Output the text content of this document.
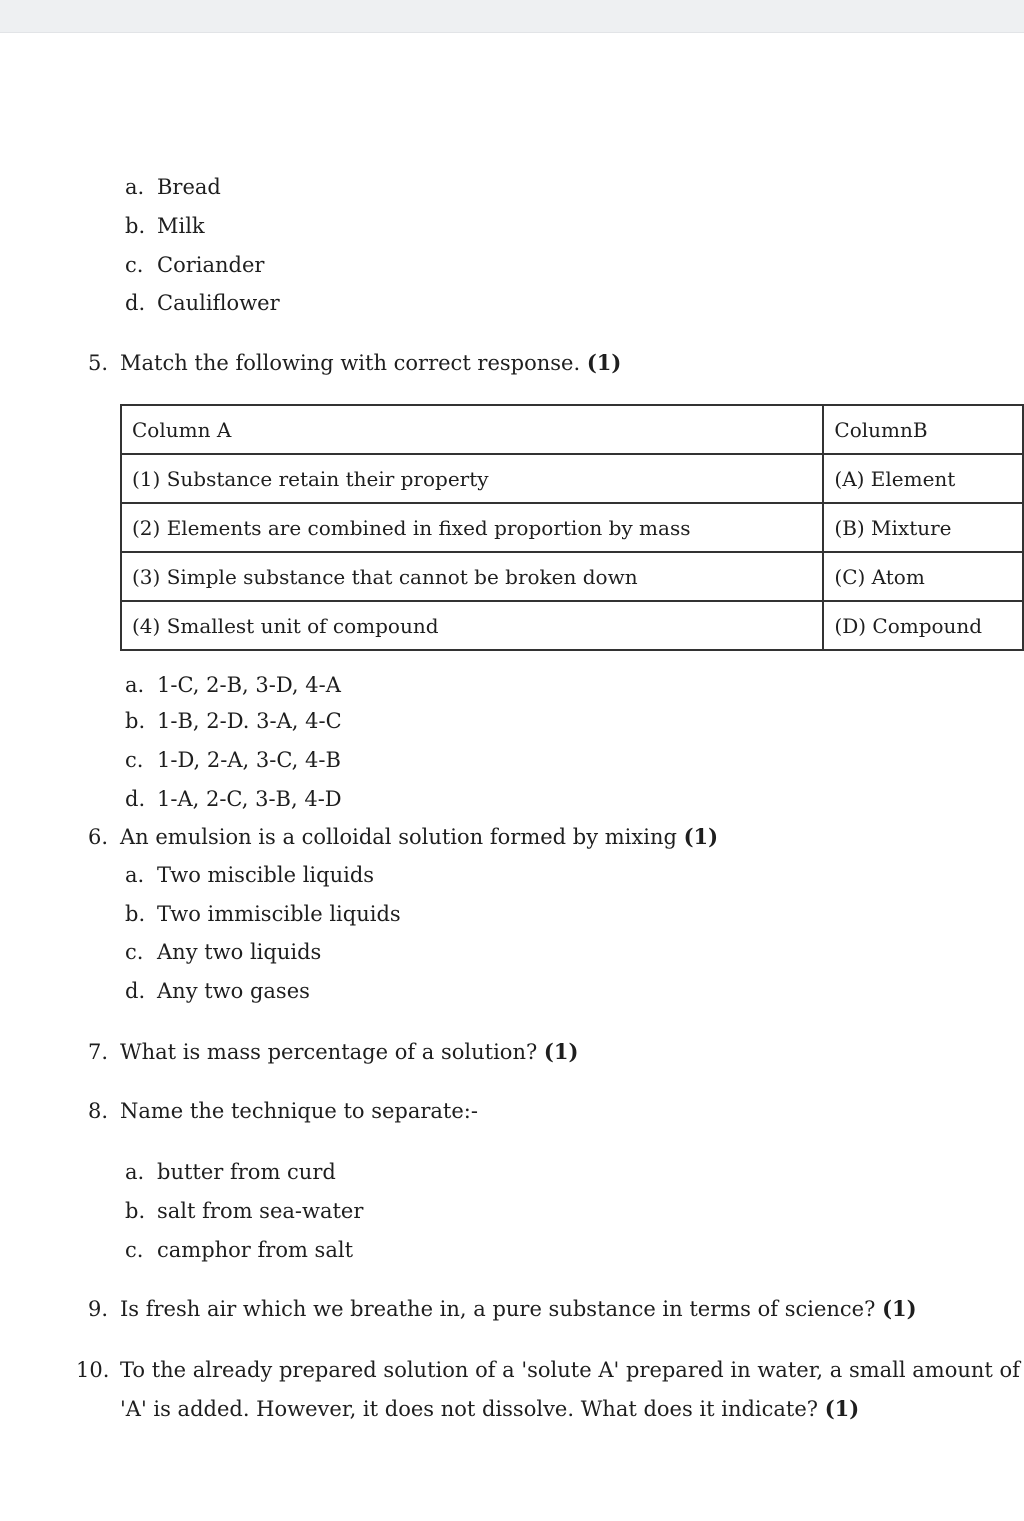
a. Bread
b. Milk
c. Coriander
d. Cauliflower
5. Match the following with correct response. (1)
Column A	ColumnB
(1) Substance retain their property	(A) Element
(2) Elements are combined in fixed proportion by mass	(B) Mixture
(3) Simple substance that cannot be broken down	(C) Atom
(4) Smallest unit of compound	(D) Compound
a. 1-C, 2-B, 3-D, 4-A
b. 1-B, 2-D. 3-A, 4-C
c. 1-D, 2-A, 3-C, 4-B
d. 1-A, 2-C, 3-B, 4-D
6. An emulsion is a colloidal solution formed by mixing (1)
a. Two miscible liquids
b. Two immiscible liquids
c. Any two liquids
d. Any two gases
7. What is mass percentage of a solution? (1)
8. Name the technique to separate:-
a. butter from curd
b. salt from sea-water
c. camphor from salt
9. Is fresh air which we breathe in, a pure substance in terms of science? (1)
10. To the already prepared solution of a 'solute A' prepared in water, a small amount of
'A' is added. However, it does not dissolve. What does it indicate? (1)
